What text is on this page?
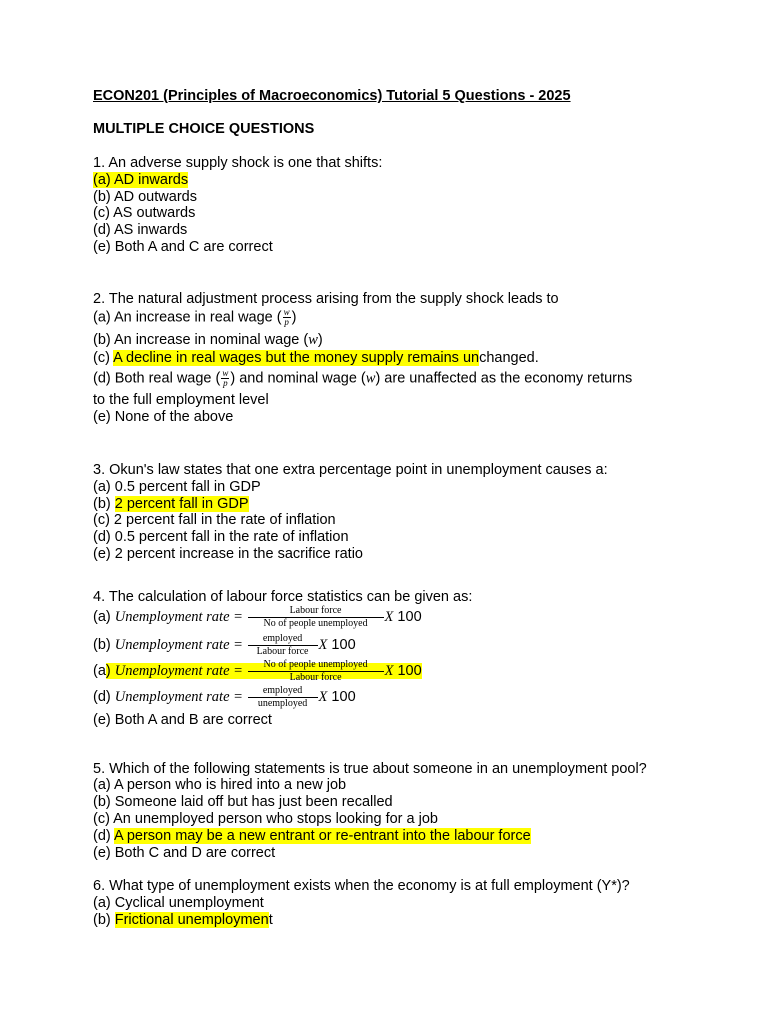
ECON201 (Principles of Macroeconomics) Tutorial 5 Questions - 2025
MULTIPLE CHOICE QUESTIONS
1. An adverse supply shock is one that shifts:
(a) AD inwards
(b) AD outwards
(c) AS outwards
(d) AS inwards
(e) Both A and C are correct
2. The natural adjustment process arising from the supply shock leads to
(a) An increase in real wage ( $\frac{w}{p}$ )
(b) An increase in nominal wage (w)
(c) A decline in real wages but the money supply remains unchanged.
(d) Both real wage ( $\frac{w}{p}$ ) and nominal wage (w) are unaffected as the economy returns
to the full employment level
(e) None of the above
3. Okun's law states that one extra percentage point in unemployment causes a:
(a) 0.5 percent fall in GDP
(b) 2 percent fall in GDP
(c) 2 percent fall in the rate of inflation
(d) 0.5 percent fall in the rate of inflation
(e) 2 percent increase in the sacrifice ratio
4. The calculation of labour force statistics can be given as:
(a) Unemployment rate = $\frac{\text{Labour force}}{\text{No of people unemployed}}$ X 100
(b) Unemployment rate = $\frac{\text{employed}}{\text{Labour force}}$ X 100
(a) Unemployment rate = $\frac{\text{No of people unemployed}}{\text{Labour force}}$ X 100
(d) Unemployment rate = $\frac{\text{employed}}{\text{unemployed}}$ X 100
(e) Both A and B are correct
5. Which of the following statements is true about someone in an unemployment pool?
(a) A person who is hired into a new job
(b) Someone laid off but has just been recalled
(c) An unemployed person who stops looking for a job
(d) A person may be a new entrant or re-entrant into the labour force
(e) Both C and D are correct
6. What type of unemployment exists when the economy is at full employment (Y*)?
(a) Cyclical unemployment
(b) Frictional unemployment
